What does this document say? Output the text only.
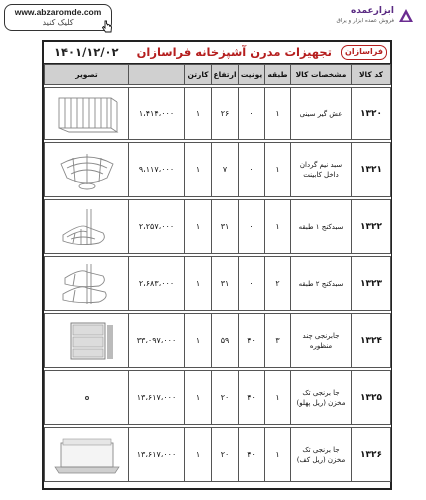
www.abzaromde.com
کلیک کنید
ابزارعمده
فروش عمده ابزار و یراق
فراسازان
تجهیزات مدرن آشپزخانه فراسازان
۱۴۰۱/۱۲/۰۲
کد کالا	مشخصات کالا	طبقه	یونیت	ارتفاع	کارتن		تصویر

۱۳۲۰	عش گیر سینی	۱	۰	۲۶	۱	۱،۴۱۴،۰۰۰	

۱۳۲۱	سبد نیم گردان داخل کابینت	۱	۰	۷	۱	۹،۱۱۷،۰۰۰	

۱۳۲۲	سبدکنج ۱ طبقه	۱	۰	۳۱	۱	۲،۲۵۷،۰۰۰	

۱۳۲۳	سبدکنج ۲ طبقه	۲	۰	۳۱	۱	۲،۶۸۳،۰۰۰	

۱۳۲۴	جابرنجی چند منظوره	۳	۴۰	۵۹	۱	۳۳،۰۹۷،۰۰۰	

۱۳۲۵	جا برنجی تک مخزن (ریل پهلو)	۱	۴۰	۲۰	۱	۱۳،۶۱۷،۰۰۰	

۱۳۲۶	جا برنجی تک مخزن (ریل کف)	۱	۴۰	۲۰	۱	۱۳،۶۱۷،۰۰۰	
